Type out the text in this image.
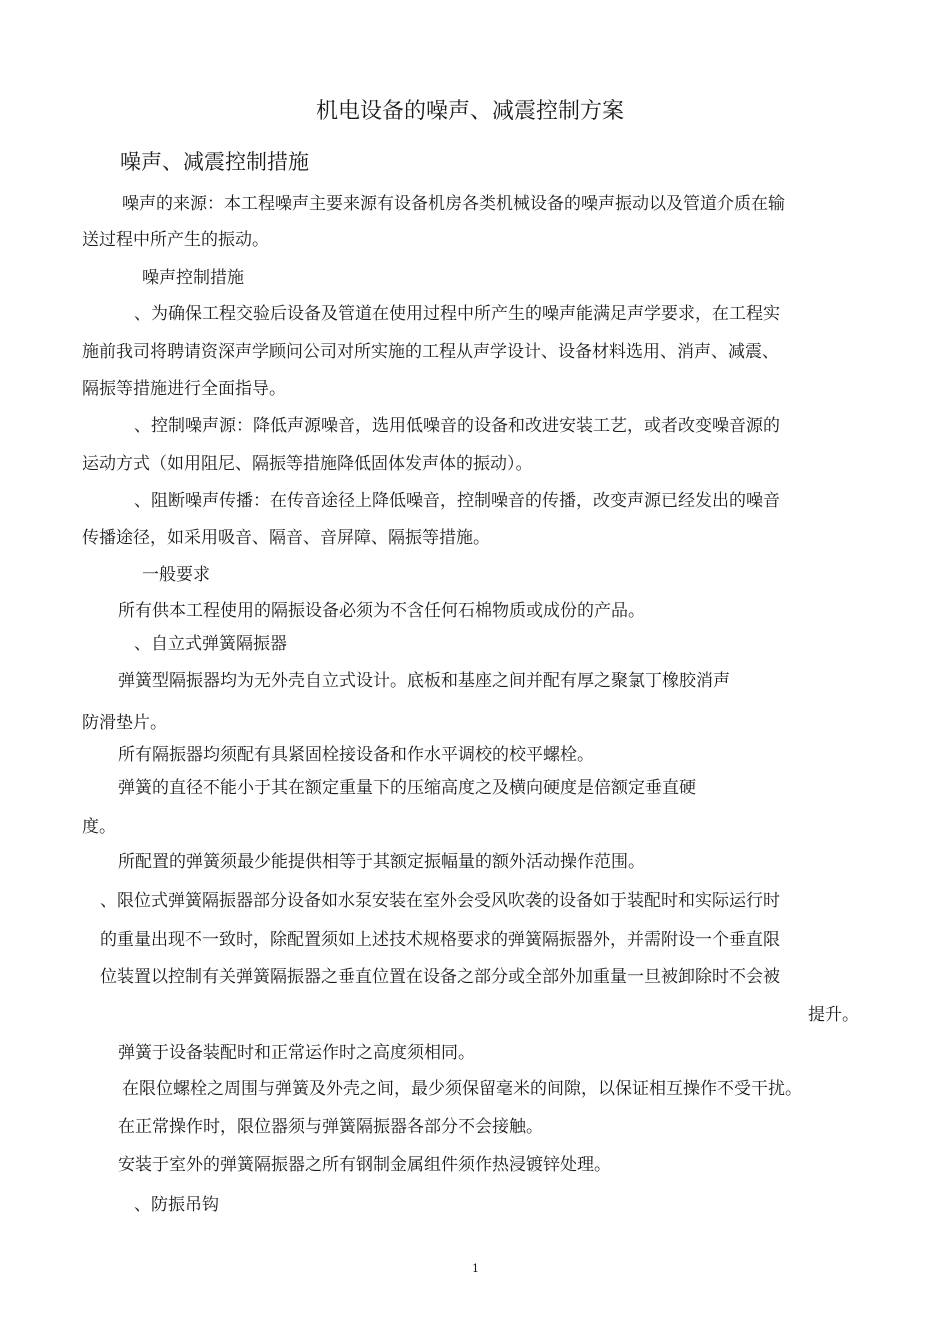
机电设备的噪声、减震控制方案
噪声、减震控制措施
噪声的来源：本工程噪声主要来源有设备机房各类机械设备的噪声振动以及管道介质在输
送过程中所产生的振动。
噪声控制措施
、为确保工程交验后设备及管道在使用过程中所产生的噪声能满足声学要求，在工程实
施前我司将聘请资深声学顾问公司对所实施的工程从声学设计、设备材料选用、消声、减震、
隔振等措施进行全面指导。
、控制噪声源：降低声源噪音，选用低噪音的设备和改进安装工艺，或者改变噪音源的
运动方式（如用阻尼、隔振等措施降低固体发声体的振动）。
、阻断噪声传播：在传音途径上降低噪音，控制噪音的传播，改变声源已经发出的噪音
传播途径，如采用吸音、隔音、音屏障、隔振等措施。
一般要求
所有供本工程使用的隔振设备必须为不含任何石棉物质或成份的产品。
、自立式弹簧隔振器
弹簧型隔振器均为无外壳自立式设计。底板和基座之间并配有厚之聚氯丁橡胶消声
防滑垫片。
所有隔振器均须配有具紧固栓接设备和作水平调校的校平螺栓。
弹簧的直径不能小于其在额定重量下的压缩高度之及横向硬度是倍额定垂直硬
度。
所配置的弹簧须最少能提供相等于其额定振幅量的额外活动操作范围。
、限位式弹簧隔振器部分设备如水泵安装在室外会受风吹袭的设备如于装配时和实际运行时
的重量出现不一致时，除配置须如上述技术规格要求的弹簧隔振器外，并需附设一个垂直限
位装置以控制有关弹簧隔振器之垂直位置在设备之部分或全部外加重量一旦被卸除时不会被
提升。
弹簧于设备装配时和正常运作时之高度须相同。
在限位螺栓之周围与弹簧及外壳之间，最少须保留毫米的间隙，以保证相互操作不受干扰。
在正常操作时，限位器须与弹簧隔振器各部分不会接触。
安装于室外的弹簧隔振器之所有钢制金属组件须作热浸镀锌处理。
、防振吊钩
1
